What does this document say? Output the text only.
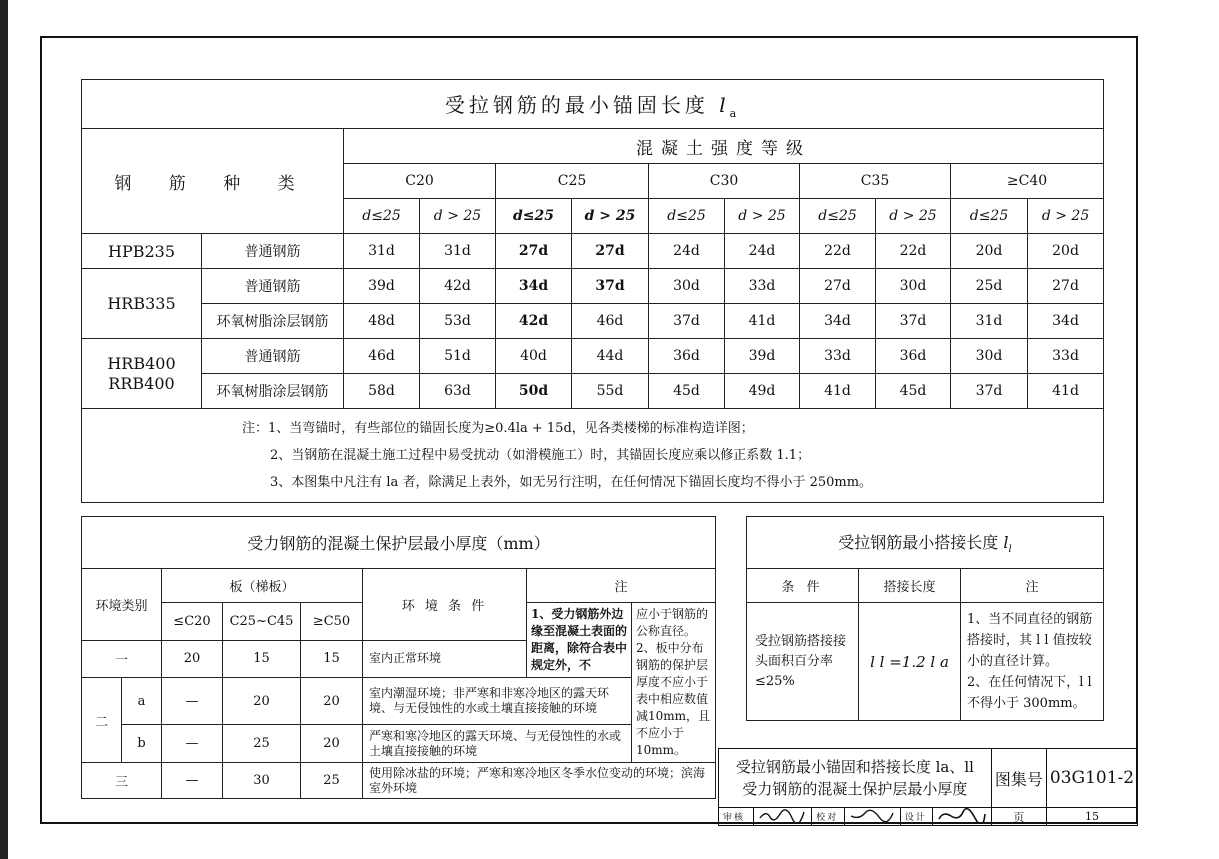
受拉钢筋的最小锚固长度 $l_a$
钢 筋 种 类		混凝土强度等级									
		C20		C25		C30		C35		≥C40	
		d≤25	d > 25	d≤25	d > 25	d≤25	d > 25	d≤25	d > 25	d≤25	d > 25
HPB235	普通钢筋	31d	31d	27d	27d	24d	24d	22d	22d	20d	20d
HRB335	普通钢筋	39d	42d	34d	37d	30d	33d	27d	30d	25d	27d
	环氧树脂涂层钢筋	48d	53d	42d	46d	37d	41d	34d	37d	31d	34d

HRB400
RRB400	普通钢筋	46d	51d	40d	44d	36d	39d	33d	36d	30d	33d
	环氧树脂涂层钢筋	58d	63d	50d	55d	45d	49d	41d	45d	37d	41d

注：1、当弯锚时，有些部位的锚固长度为≥0.4la + 15d，见各类楼梯的标准构造详图；
2、当钢筋在混凝土施工过程中易受扰动（如滑模施工）时，其锚固长度应乘以修正系数 1.1；
3、本图集中凡注有 la 者，除满足上表外，如无另行注明，在任何情况下锚固长度均不得小于 250mm。											
受力钢筋的混凝土保护层最小厚度（mm）							
环境类别		板（梯板）			环 境 条 件	注	
		≤C20	C25~C45	≥C50		1、受力钢筋外边缘至混凝土表面的距离，除符合表中规定外，不	应小于钢筋的公称直径。
2、板中分布钢筋的保护层厚度不应小于表中相应数值减10mm，且不应小于10mm。
一		20	15	15	室内正常环境		
二	a	—	20	20	室内潮湿环境；非严寒和非寒冷地区的露天环境、与无侵蚀性的水或土壤直接接触的环境		
	b	—	25	20	严寒和寒冷地区的露天环境、与无侵蚀性的水或土壤直接接触的环境		
三		—	30	25	使用除冰盐的环境；严寒和寒冷地区冬季水位变动的环境；滨海室外环境		
受拉钢筋最小搭接长度 $l_l$
条 件	搭接长度	注
受拉钢筋搭接接头面积百分率≤25%	l l =1.2 l a	1、当不同直径的钢筋搭接时，其 l l 值按较小的直径计算。
2、在任何情况下，l l 不得小于 300mm。
受拉钢筋最小锚固和搭接长度 la、ll
受力钢筋的混凝土保护层最小厚度						图集号	03G101-2
审核		校对		设计		页	15
